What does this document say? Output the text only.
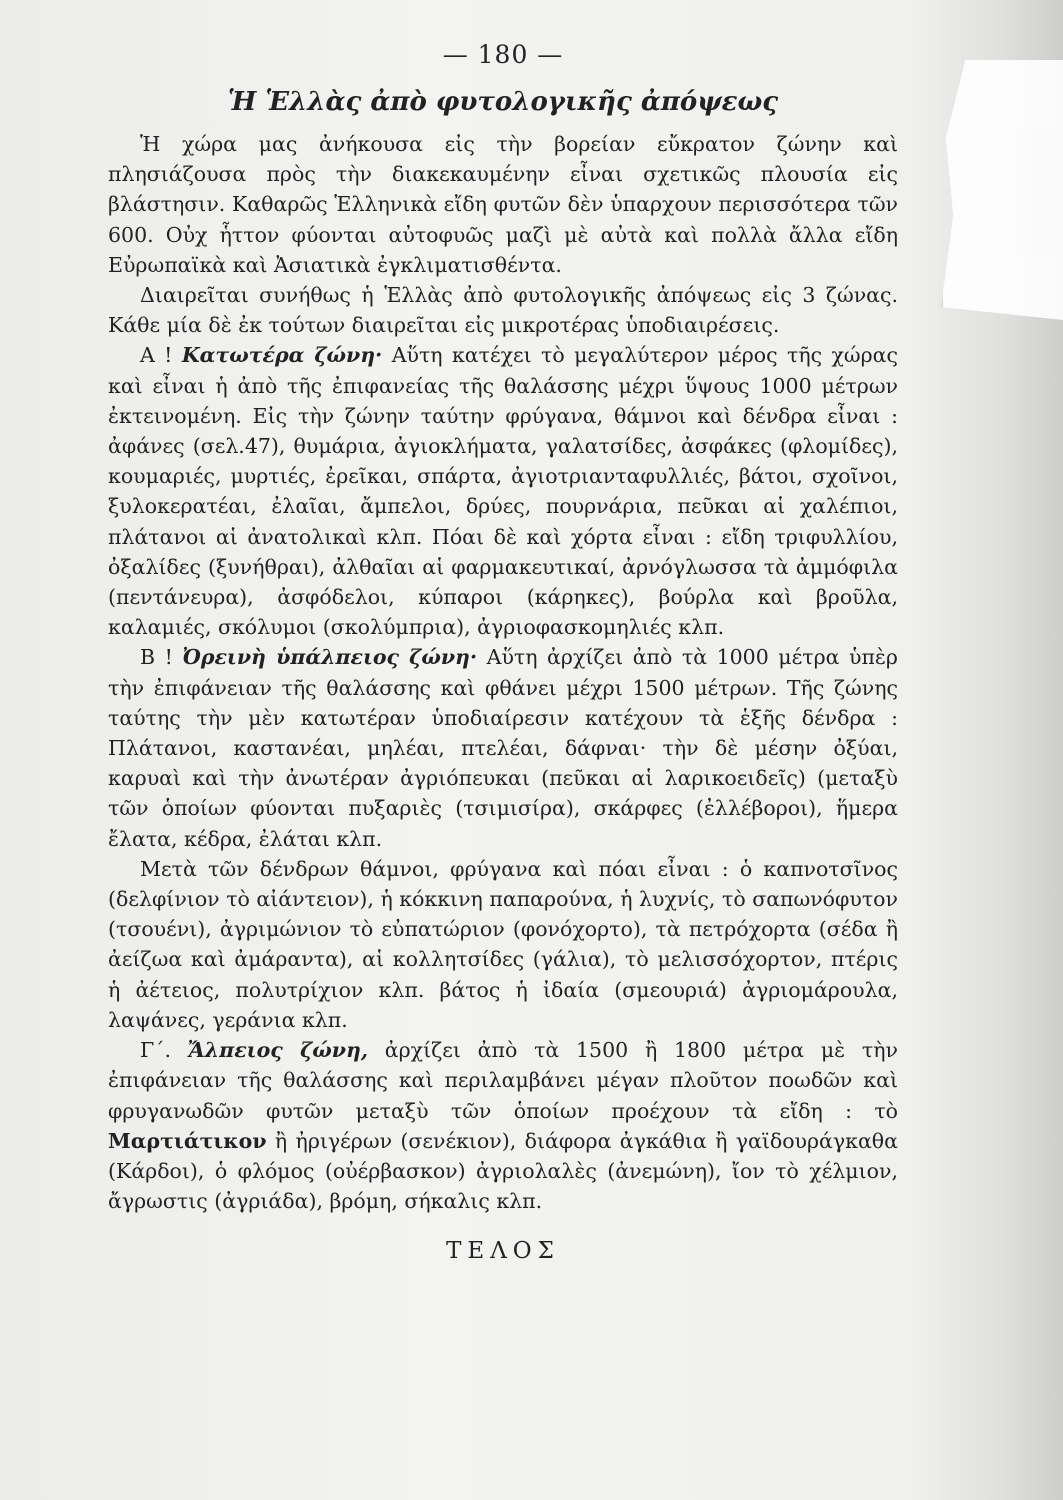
— 180 —
Ἡ Ἑλλὰς ἀπὸ φυτολογικῆς ἀπόψεως

Ἡ χώρα μας ἀνήκουσα εἰς τὴν βορείαν εὔκρατον ζώνην καὶ πλησιάζουσα πρὸς τὴν διακεκαυμένην εἶναι σχετικῶς πλουσία εἰς βλάστησιν. Καθαρῶς Ἑλληνικὰ εἴδη φυτῶν δὲν ὑπαρχουν περισσότερα τῶν 600. Οὐχ ἧττον φύονται αὐτοφυῶς μαζὶ μὲ αὐτὰ καὶ πολλὰ ἄλλα εἴδη Εὐρωπαϊκὰ καὶ Ἀσιατικὰ ἐγκλιματισθέντα.

Διαιρεῖται συνήθως ἡ Ἑλλὰς ἀπὸ φυτολογικῆς ἀπόψεως εἰς 3 ζώνας. Κάθε μία δὲ ἐκ τούτων διαιρεῖται εἰς μικροτέρας ὑποδιαιρέσεις.

Α ! Κατωτέρα ζώνη· Αὕτη κατέχει τὸ μεγαλύτερον μέρος τῆς χώρας καὶ εἶναι ἡ ἀπὸ τῆς ἐπιφανείας τῆς θαλάσσης μέχρι ὕψους 1000 μέτρων ἐκτεινομένη. Εἰς τὴν ζώνην ταύτην φρύγανα, θάμνοι καὶ δένδρα εἶναι : ἀφάνες (σελ.47), θυμάρια, ἀγιοκλήματα, γαλατσίδες, ἀσφάκες (φλομίδες), κουμαριές, μυρτιές, ἐρεῖκαι, σπάρτα, ἀγιοτριανταφυλλιές, βάτοι, σχοῖνοι, ξυλοκερατέαι, ἐλαῖαι, ἄμπελοι, δρύες, πουρνάρια, πεῦκαι αἱ χαλέπιοι, πλάτανοι αἱ ἀνατολικαὶ κλπ. Πόαι δὲ καὶ χόρτα εἶναι : εἴδη τριφυλλίου, ὀξαλίδες (ξυνήθραι), ἀλθαῖαι αἱ φαρμακευτικαί, ἀρνόγλωσσα τὰ ἀμμόφιλα (πεντάνευρα), ἀσφόδελοι, κύπαροι (κάρηκες), βούρλα καὶ βροῦλα, καλαμιές, σκόλυμοι (σκολύμπρια), ἀγριοφασκομηλιές κλπ.

Β ! Ὀρεινὴ ὑπάλπειος ζώνη· Αὕτη ἀρχίζει ἀπὸ τὰ 1000 μέτρα ὑπὲρ τὴν ἐπιφάνειαν τῆς θαλάσσης καὶ φθάνει μέχρι 1500 μέτρων. Τῆς ζώνης ταύτης τὴν μὲν κατωτέραν ὑποδιαίρεσιν κατέχουν τὰ ἑξῆς δένδρα : Πλάτανοι, καστανέαι, μηλέαι, πτελέαι, δάφναι· τὴν δὲ μέσην ὀξύαι, καρυαὶ καὶ τὴν ἀνωτέραν ἀγριόπευκαι (πεῦκαι αἱ λαρικοειδεῖς) (μεταξὺ τῶν ὁποίων φύονται πυξαριὲς (τσιμισίρα), σκάρφες (ἐλλέβοροι), ἥμερα ἔλατα, κέδρα, ἐλάται κλπ.

Μετὰ τῶν δένδρων θάμνοι, φρύγανα καὶ πόαι εἶναι : ὁ καπνοτσῖνος (δελφίνιον τὸ αἰάντειον), ἡ κόκκινη παπαρούνα, ἡ λυχνίς, τὸ σαπωνόφυτον (τσουένι), ἀγριμώνιον τὸ εὐπατώριον (φονόχορτο), τὰ πετρόχορτα (σέδα ἢ ἀείζωα καὶ ἀμάραντα), αἱ κολλητσίδες (γάλια), τὸ μελισσόχορτον, πτέρις ἡ ἀέτειος, πολυτρίχιον κλπ. βάτος ἡ ἰδαία (σμεουριά) ἀγριομάρουλα, λαψάνες, γεράνια κλπ.

Γ΄. Ἄλπειος ζώνη, ἀρχίζει ἀπὸ τὰ 1500 ἢ 1800 μέτρα μὲ τὴν ἐπιφάνειαν τῆς θαλάσσης καὶ περιλαμβάνει μέγαν πλοῦτον ποωδῶν καὶ φρυγανωδῶν φυτῶν μεταξὺ τῶν ὁποίων προέχουν τὰ εἴδη : τὸ Μαρτιάτικον ἢ ἠριγέρων (σενέκιον), διάφορα ἀγκάθια ἢ γαϊδουράγκαθα (Κάρδοι), ὁ φλόμος (οὐέρβασκον) ἀγριολαλὲς (ἀνεμώνη), ἴον τὸ χέλμιον, ἄγρωστις (ἀγριάδα), βρόμη, σήκαλις κλπ.

ΤΕΛΟΣ
